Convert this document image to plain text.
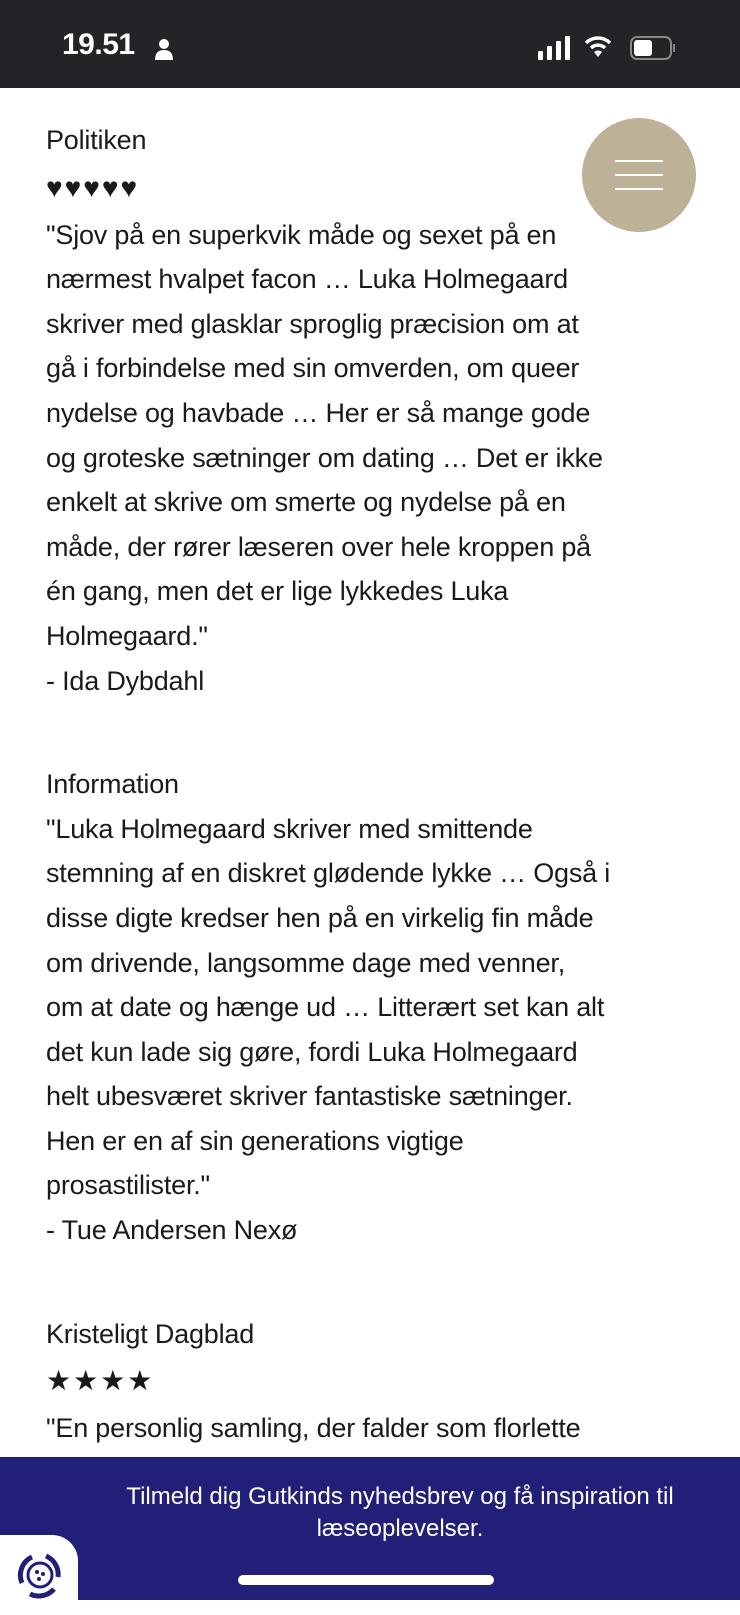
19.51
Politiken
♥♥♥♥♥
"Sjov på en superkvik måde og sexet på en
nærmest hvalpet facon … Luka Holmegaard
skriver med glasklar sproglig præcision om at
gå i forbindelse med sin omverden, om queer
nydelse og havbade … Her er så mange gode
og groteske sætninger om dating … Det er ikke
enkelt at skrive om smerte og nydelse på en
måde, der rører læseren over hele kroppen på
én gang, men det er lige lykkedes Luka
Holmegaard."
- Ida Dybdahl
Information
"Luka Holmegaard skriver med smittende
stemning af en diskret glødende lykke … Også i
disse digte kredser hen på en virkelig fin måde
om drivende, langsomme dage med venner,
om at date og hænge ud … Litterært set kan alt
det kun lade sig gøre, fordi Luka Holmegaard
helt ubesværet skriver fantastiske sætninger.
Hen er en af sin generations vigtige
prosastilister."
- Tue Andersen Nexø
Kristeligt Dagblad
★★★★
"En personlig samling, der falder som florlette
Tilmeld dig Gutkinds nyhedsbrev og få inspiration til læseoplevelser.
